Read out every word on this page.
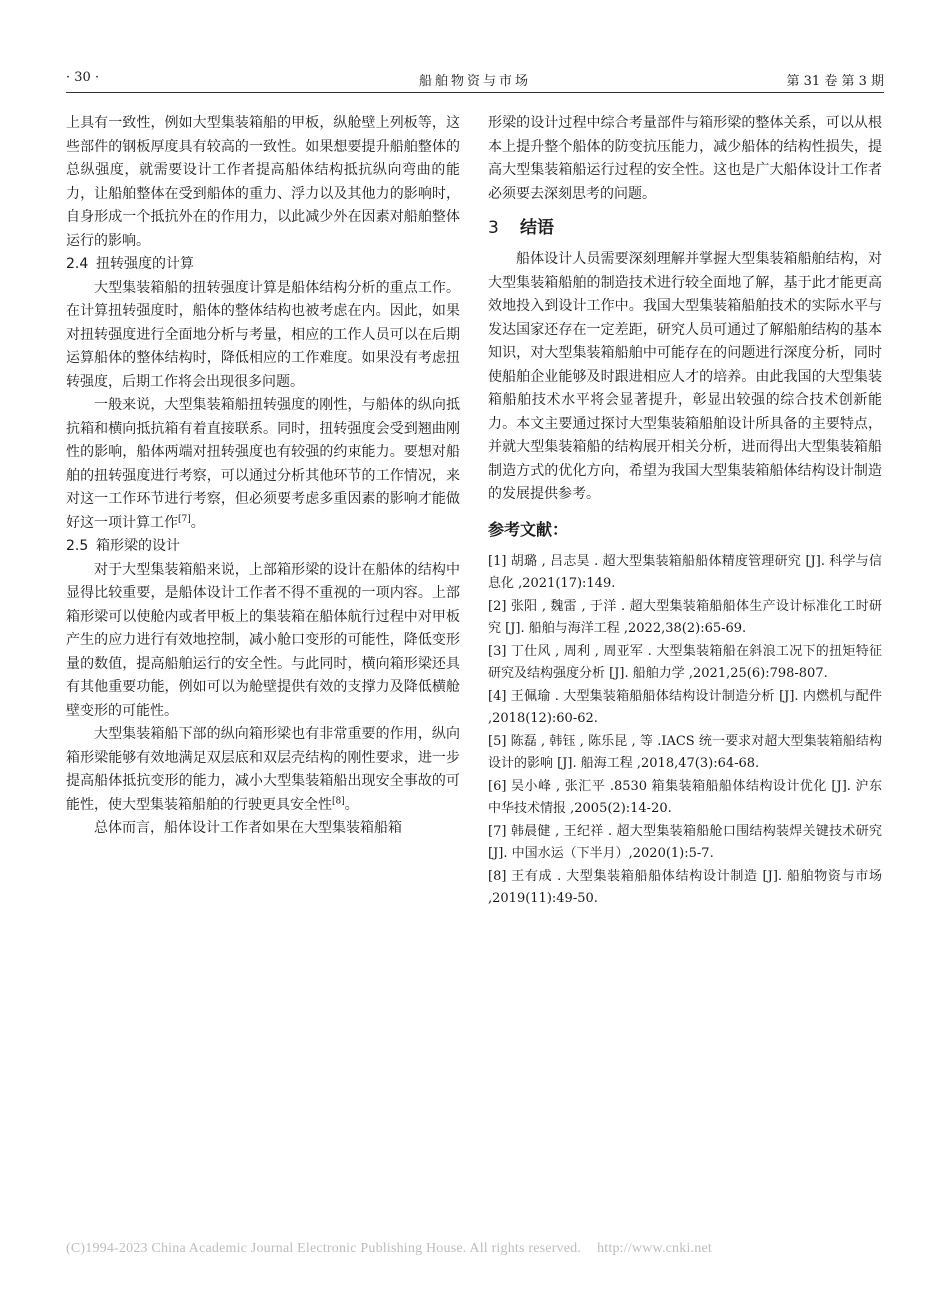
· 30 ·	船舶物资与市场	第 31 卷 第 3 期

上具有一致性，例如大型集装箱船的甲板，纵舱壁上列板等，这些部件的钢板厚度具有较高的一致性。如果想要提升船舶整体的总纵强度，就需要设计工作者提高船体结构抵抗纵向弯曲的能力，让船舶整体在受到船体的重力、浮力以及其他力的影响时，自身形成一个抵抗外在的作用力，以此减少外在因素对船舶整体运行的影响。

2.4 扭转强度的计算

大型集装箱船的扭转强度计算是船体结构分析的重点工作。在计算扭转强度时，船体的整体结构也被考虑在内。因此，如果对扭转强度进行全面地分析与考量，相应的工作人员可以在后期运算船体的整体结构时，降低相应的工作难度。如果没有考虑扭转强度，后期工作将会出现很多问题。

一般来说，大型集装箱船扭转强度的刚性，与船体的纵向抵抗箱和横向抵抗箱有着直接联系。同时，扭转强度会受到翘曲刚性的影响，船体两端对扭转强度也有较强的约束能力。要想对船舶的扭转强度进行考察，可以通过分析其他环节的工作情况，来对这一工作环节进行考察，但必须要考虑多重因素的影响才能做好这一项计算工作[7]。

2.5 箱形梁的设计

对于大型集装箱船来说，上部箱形梁的设计在船体的结构中显得比较重要，是船体设计工作者不得不重视的一项内容。上部箱形梁可以使舱内或者甲板上的集装箱在船体航行过程中对甲板产生的应力进行有效地控制，减小舱口变形的可能性，降低变形量的数值，提高船舶运行的安全性。与此同时，横向箱形梁还具有其他重要功能，例如可以为舱壁提供有效的支撑力及降低横舱壁变形的可能性。

大型集装箱船下部的纵向箱形梁也有非常重要的作用，纵向箱形梁能够有效地满足双层底和双层壳结构的刚性要求，进一步提高船体抵抗变形的能力，减小大型集装箱船出现安全事故的可能性，使大型集装箱船舶的行驶更具安全性[8]。

总体而言，船体设计工作者如果在大型集装箱船箱

形梁的设计过程中综合考量部件与箱形梁的整体关系，可以从根本上提升整个船体的防变抗压能力，减少船体的结构性损失，提高大型集装箱船运行过程的安全性。这也是广大船体设计工作者必须要去深刻思考的问题。

3 结语

船体设计人员需要深刻理解并掌握大型集装箱船舶结构，对大型集装箱船舶的制造技术进行较全面地了解，基于此才能更高效地投入到设计工作中。我国大型集装箱船舶技术的实际水平与发达国家还存在一定差距，研究人员可通过了解船舶结构的基本知识，对大型集装箱船舶中可能存在的问题进行深度分析，同时使船舶企业能够及时跟进相应人才的培养。由此我国的大型集装箱船舶技术水平将会显著提升，彰显出较强的综合技术创新能力。本文主要通过探讨大型集装箱船舶设计所具备的主要特点，并就大型集装箱船的结构展开相关分析，进而得出大型集装箱船制造方式的优化方向，希望为我国大型集装箱船体结构设计制造的发展提供参考。

参考文献：
[1] 胡璐 , 吕志昊 . 超大型集装箱船船体精度管理研究 [J]. 科学与信息化 ,2021(17):149.
[2] 张阳 , 魏雷 , 于洋 . 超大型集装箱船船体生产设计标准化工时研究 [J]. 船舶与海洋工程 ,2022,38(2):65-69.
[3] 丁仕风 , 周利 , 周亚军 . 大型集装箱船在斜浪工况下的扭矩特征研究及结构强度分析 [J]. 船舶力学 ,2021,25(6):798-807.
[4] 王佩瑜 . 大型集装箱船船体结构设计制造分析 [J]. 内燃机与配件 ,2018(12):60-62.
[5] 陈磊 , 韩钰 , 陈乐昆 , 等 .IACS 统一要求对超大型集装箱船结构设计的影响 [J]. 船海工程 ,2018,47(3):64-68.
[6] 吴小峰 , 张汇平 .8530 箱集装箱船船体结构设计优化 [J]. 沪东中华技术情报 ,2005(2):14-20.
[7] 韩晨健 , 王纪祥 . 超大型集装箱船舱口围结构装焊关键技术研究 [J]. 中国水运（下半月）,2020(1):5-7.
[8] 王有成 . 大型集装箱船船体结构设计制造 [J]. 船舶物资与市场 ,2019(11):49-50.
(C)1994-2023 China Academic Journal Electronic Publishing House. All rights reserved. http://www.cnki.net
